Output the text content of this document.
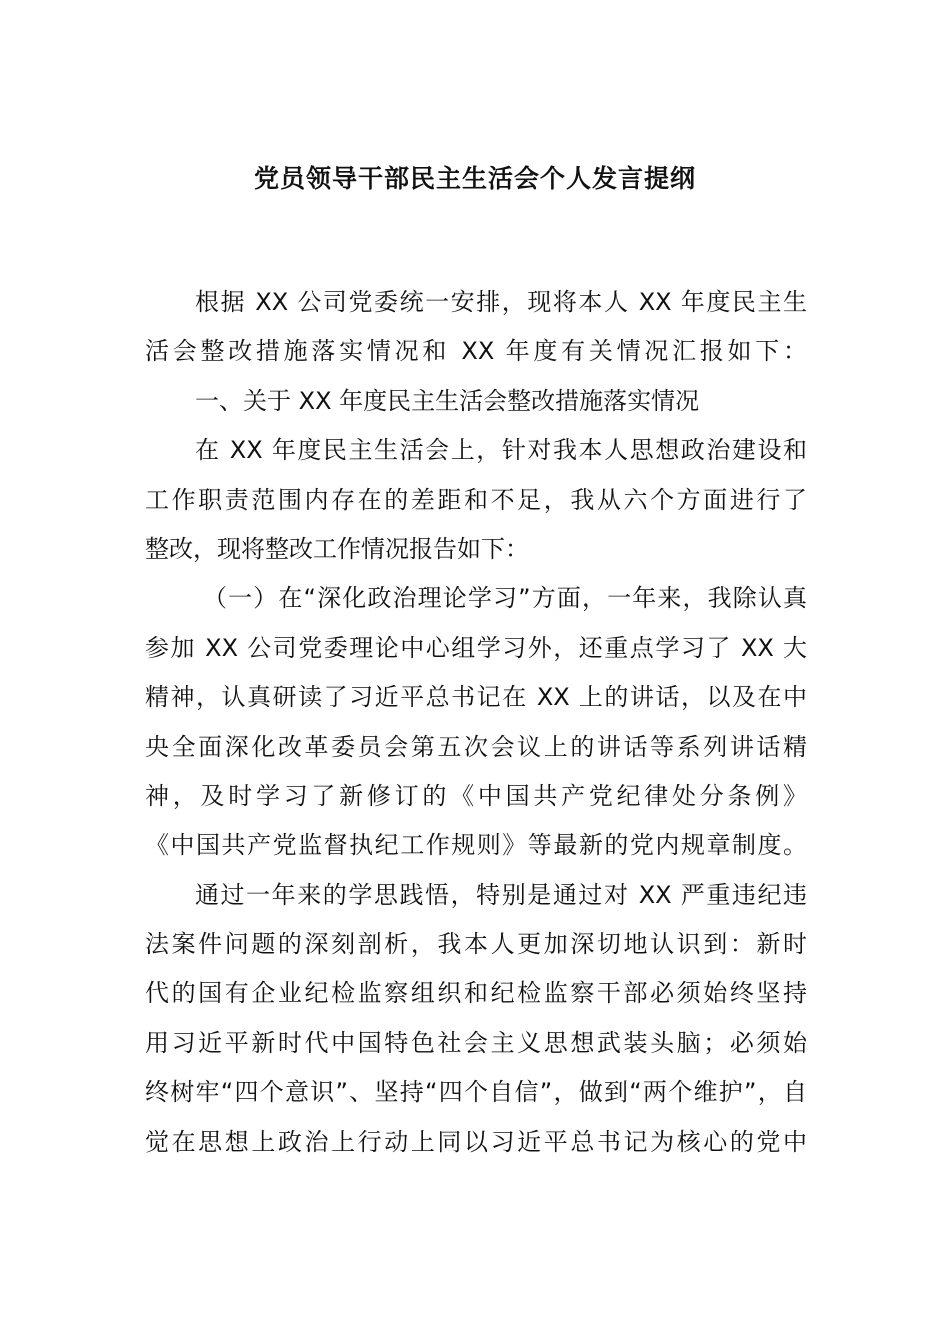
党员领导干部民主生活会个人发言提纲
根据 XX 公司党委统一安排，现将本人 XX 年度民主生
活会整改措施落实情况和 XX 年度有关情况汇报如下：
一、关于 XX 年度民主生活会整改措施落实情况
在 XX 年度民主生活会上，针对我本人思想政治建设和
工作职责范围内存在的差距和不足，我从六个方面进行了
整改，现将整改工作情况报告如下：
（一）在“深化政治理论学习”方面，一年来，我除认真
参加 XX 公司党委理论中心组学习外，还重点学习了 XX 大
精神，认真研读了习近平总书记在 XX 上的讲话，以及在中
央全面深化改革委员会第五次会议上的讲话等系列讲话精
神，及时学习了新修订的《中国共产党纪律处分条例》
《中国共产党监督执纪工作规则》等最新的党内规章制度。
通过一年来的学思践悟，特别是通过对 XX 严重违纪违
法案件问题的深刻剖析，我本人更加深切地认识到：新时
代的国有企业纪检监察组织和纪检监察干部必须始终坚持
用习近平新时代中国特色社会主义思想武装头脑；必须始
终树牢“四个意识”、坚持“四个自信”，做到“两个维护”，自
觉在思想上政治上行动上同以习近平总书记为核心的党中
